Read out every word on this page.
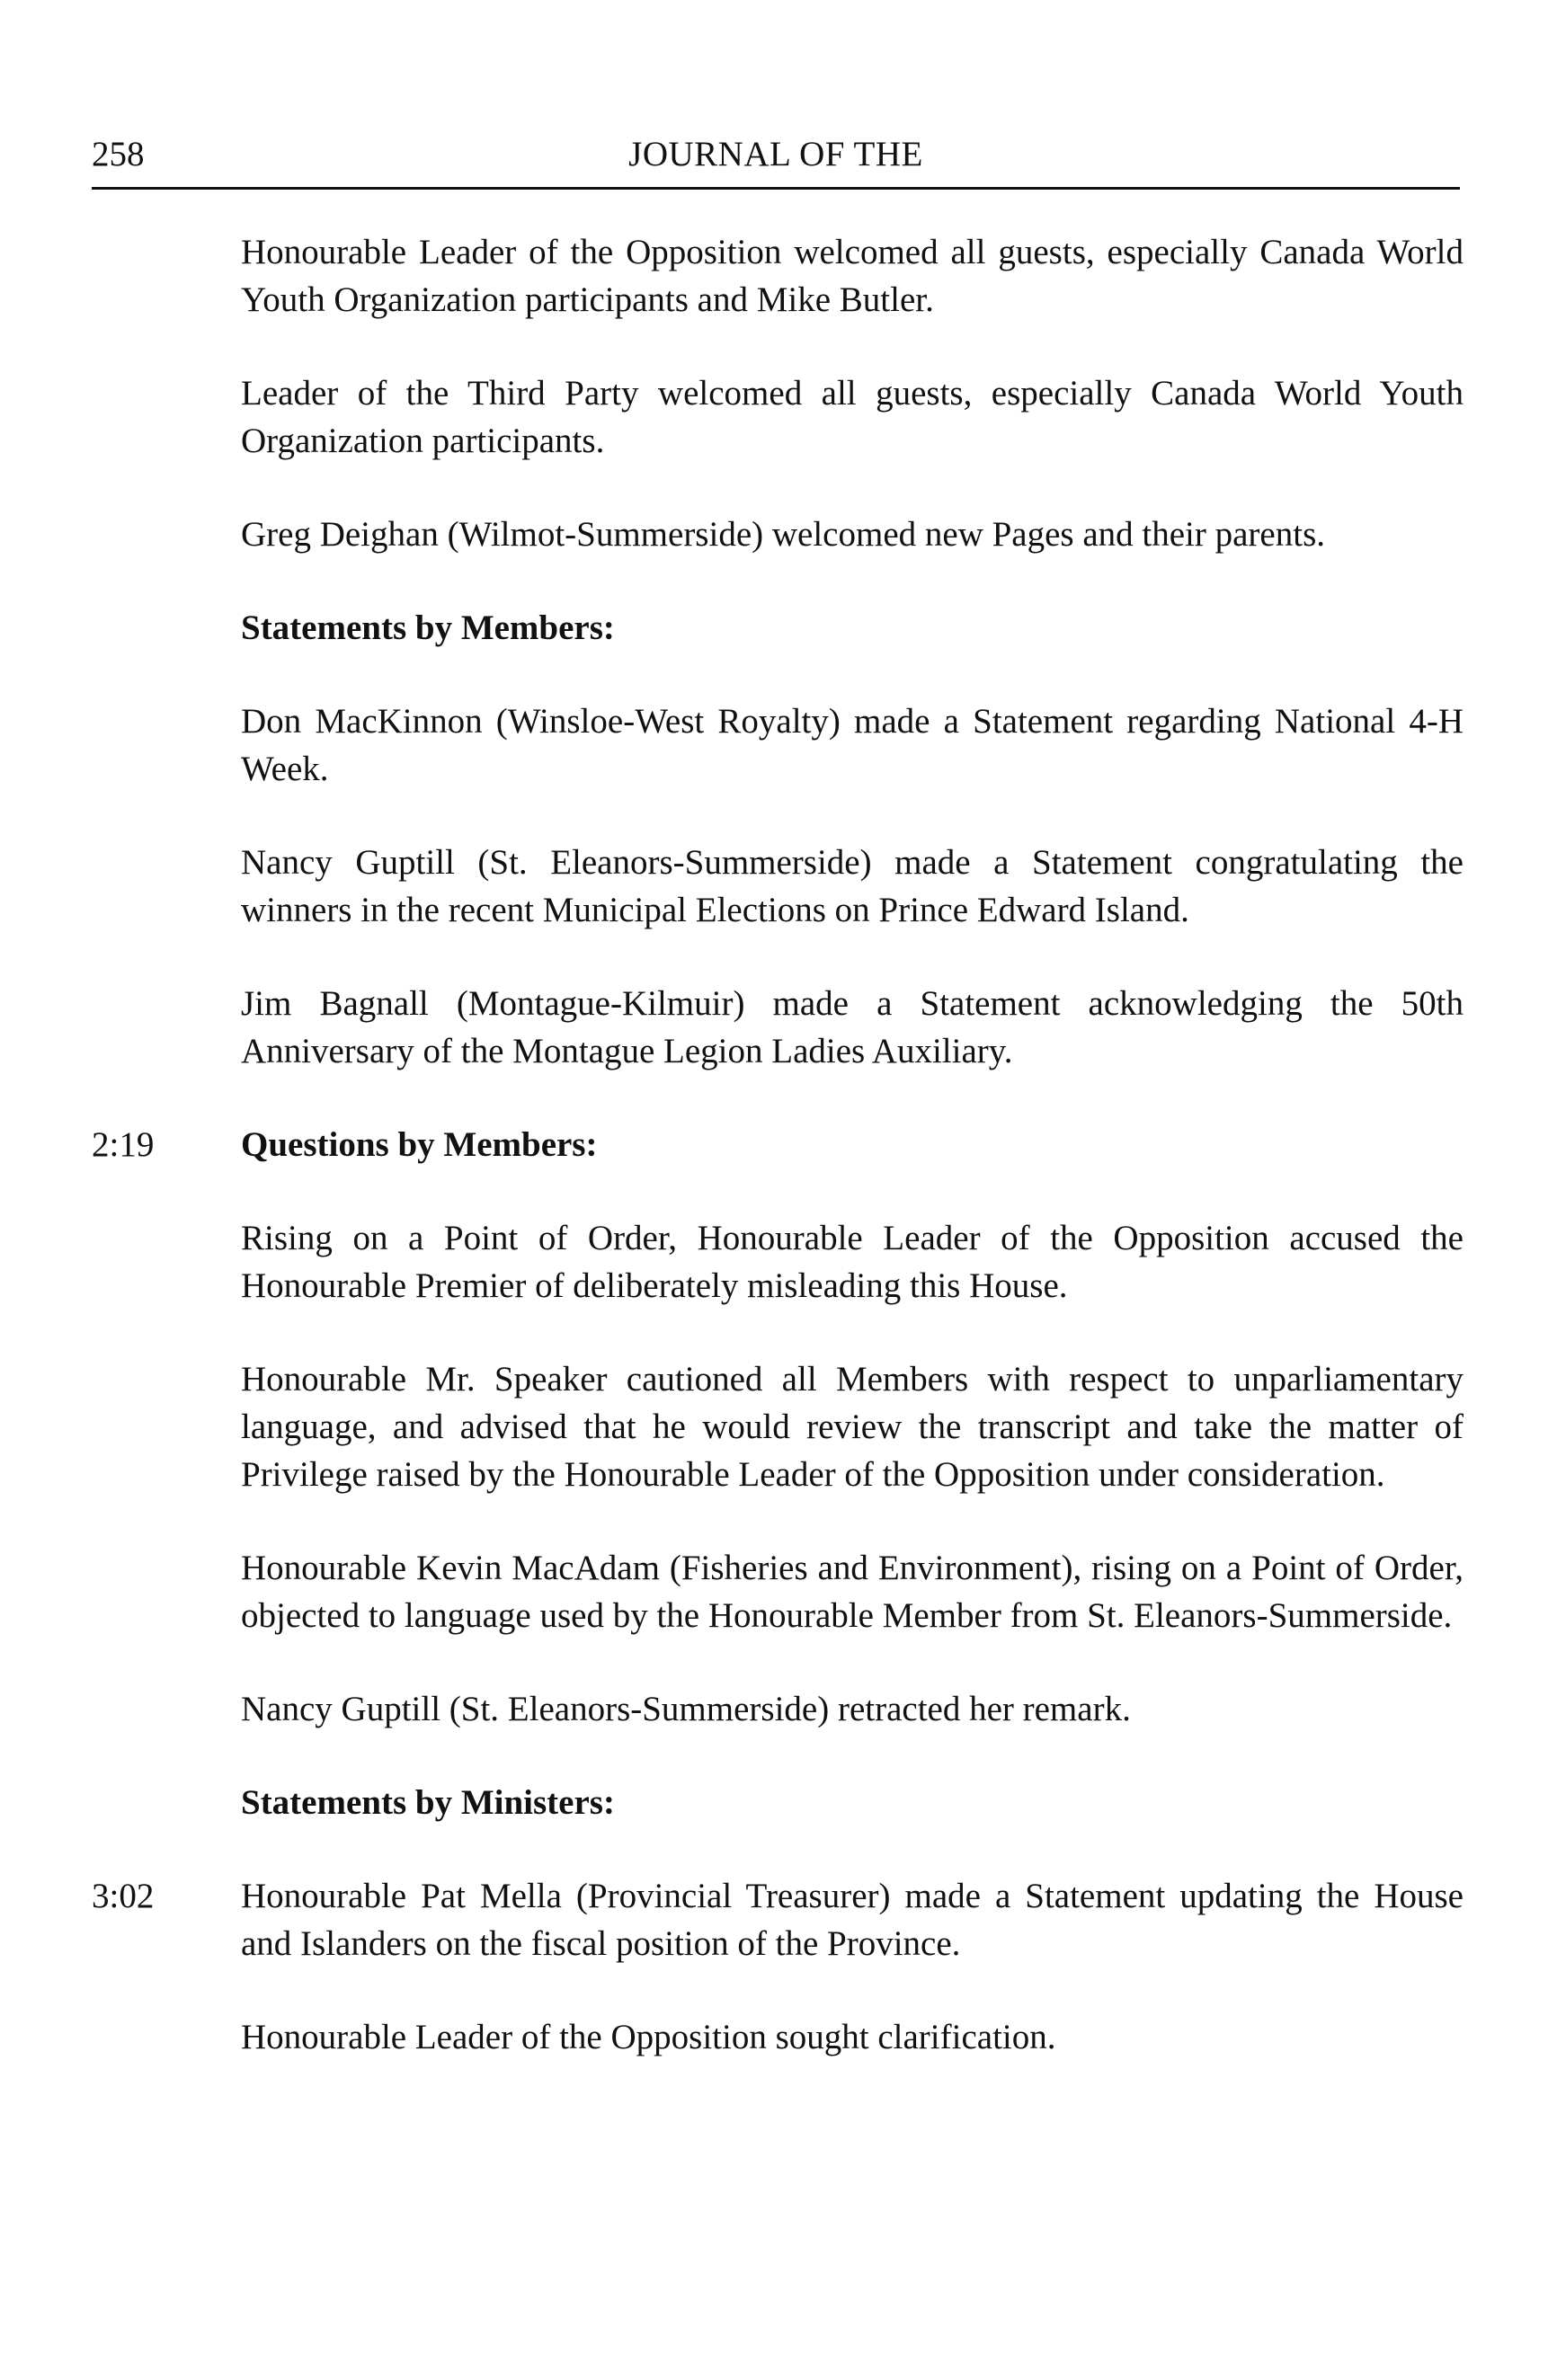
258	JOURNAL OF THE
Honourable Leader of the Opposition welcomed all guests, especially Canada World Youth Organization participants and Mike Butler.
Leader of the Third Party welcomed all guests, especially Canada World Youth Organization participants.
Greg Deighan (Wilmot-Summerside) welcomed new Pages and their parents.
Statements by Members:
Don MacKinnon (Winsloe-West Royalty) made a Statement regarding National 4-H Week.
Nancy Guptill (St. Eleanors-Summerside) made a Statement congratulating the winners in the recent Municipal Elections on Prince Edward Island.
Jim Bagnall (Montague-Kilmuir) made a Statement acknowledging the 50th Anniversary of the Montague Legion Ladies Auxiliary.
2:19 Questions by Members:
Rising on a Point of Order, Honourable Leader of the Opposition accused the Honourable Premier of deliberately misleading this House.
Honourable Mr. Speaker cautioned all Members with respect to unparliamentary language, and advised that he would review the transcript and take the matter of Privilege raised by the Honourable Leader of the Opposition under consideration.
Honourable Kevin MacAdam (Fisheries and Environment), rising on a Point of Order, objected to language used by the Honourable Member from St. Eleanors-Summerside.
Nancy Guptill (St. Eleanors-Summerside) retracted her remark.
Statements by Ministers:
3:02 Honourable Pat Mella (Provincial Treasurer) made a Statement updating the House and Islanders on the fiscal position of the Province.
Honourable Leader of the Opposition sought clarification.
